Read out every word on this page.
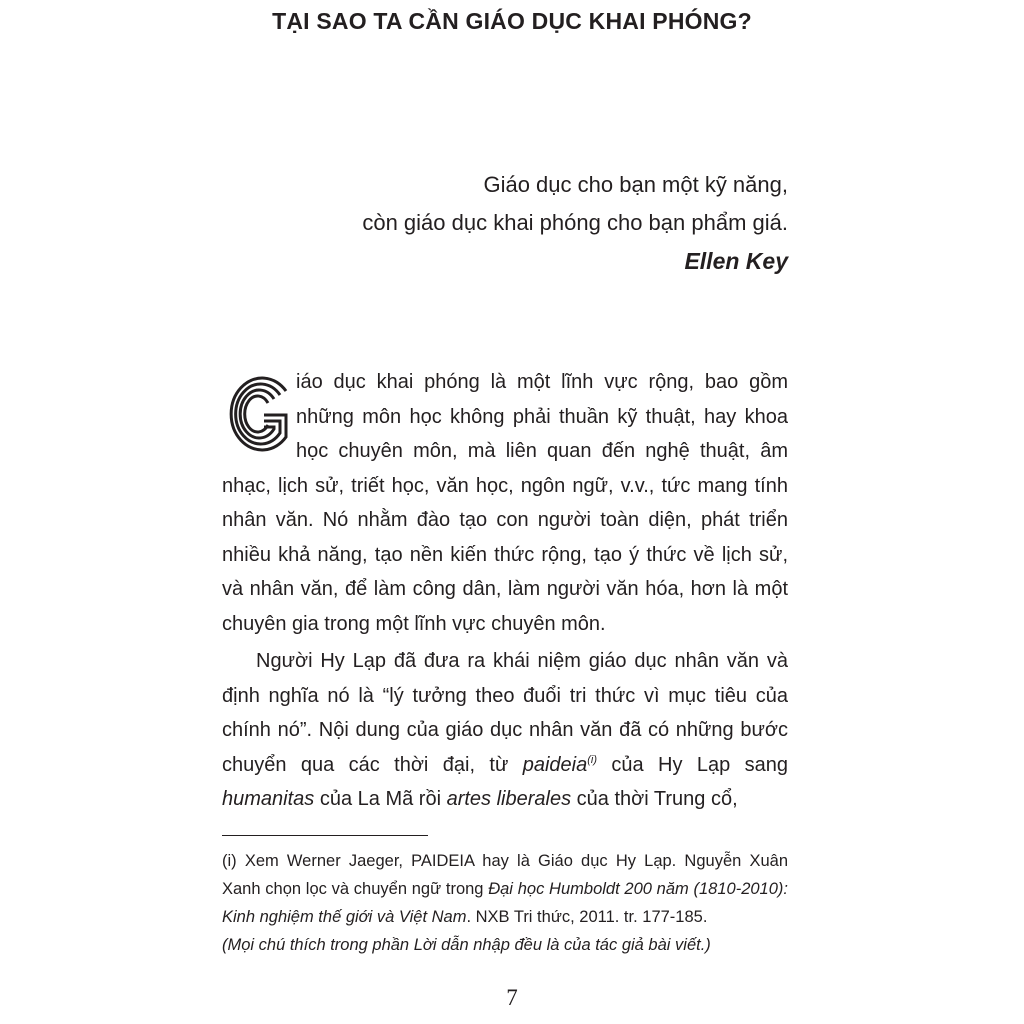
TẠI SAO TA CẦN GIÁO DỤC KHAI PHÓNG?
Giáo dục cho bạn một kỹ năng,
còn giáo dục khai phóng cho bạn phẩm giá.
Ellen Key

G	iáo dục khai phóng là một lĩnh vực rộng, bao gồm những môn học không phải thuần kỹ thuật, hay khoa học chuyên môn, mà liên quan đến nghệ thuật, âm nhạc, lịch sử, triết học, văn học, ngôn ngữ, v.v., tức mang tính nhân văn. Nó nhằm đào tạo con người toàn diện, phát triển nhiều khả năng, tạo nền kiến thức rộng, tạo ý thức về lịch sử, và nhân văn, để làm công dân, làm người văn hóa, hơn là một chuyên gia trong một lĩnh vực chuyên môn.

Người Hy Lạp đã đưa ra khái niệm giáo dục nhân văn và định nghĩa nó là “lý tưởng theo đuổi tri thức vì mục tiêu của chính nó”. Nội dung của giáo dục nhân văn đã có những bước chuyển qua các thời đại, từ paideia$^{(i)}$ của Hy Lạp sang humanitas của La Mã rồi artes liberales của thời Trung cổ,

(i) Xem Werner Jaeger, PAIDEIA hay là Giáo dục Hy Lạp. Nguyễn Xuân Xanh chọn lọc và chuyển ngữ trong Đại học Humboldt 200 năm (1810-2010): Kinh nghiệm thế giới và Việt Nam. NXB Tri thức, 2011. tr. 177-185.

(Mọi chú thích trong phần Lời dẫn nhập đều là của tác giả bài viết.)

7
